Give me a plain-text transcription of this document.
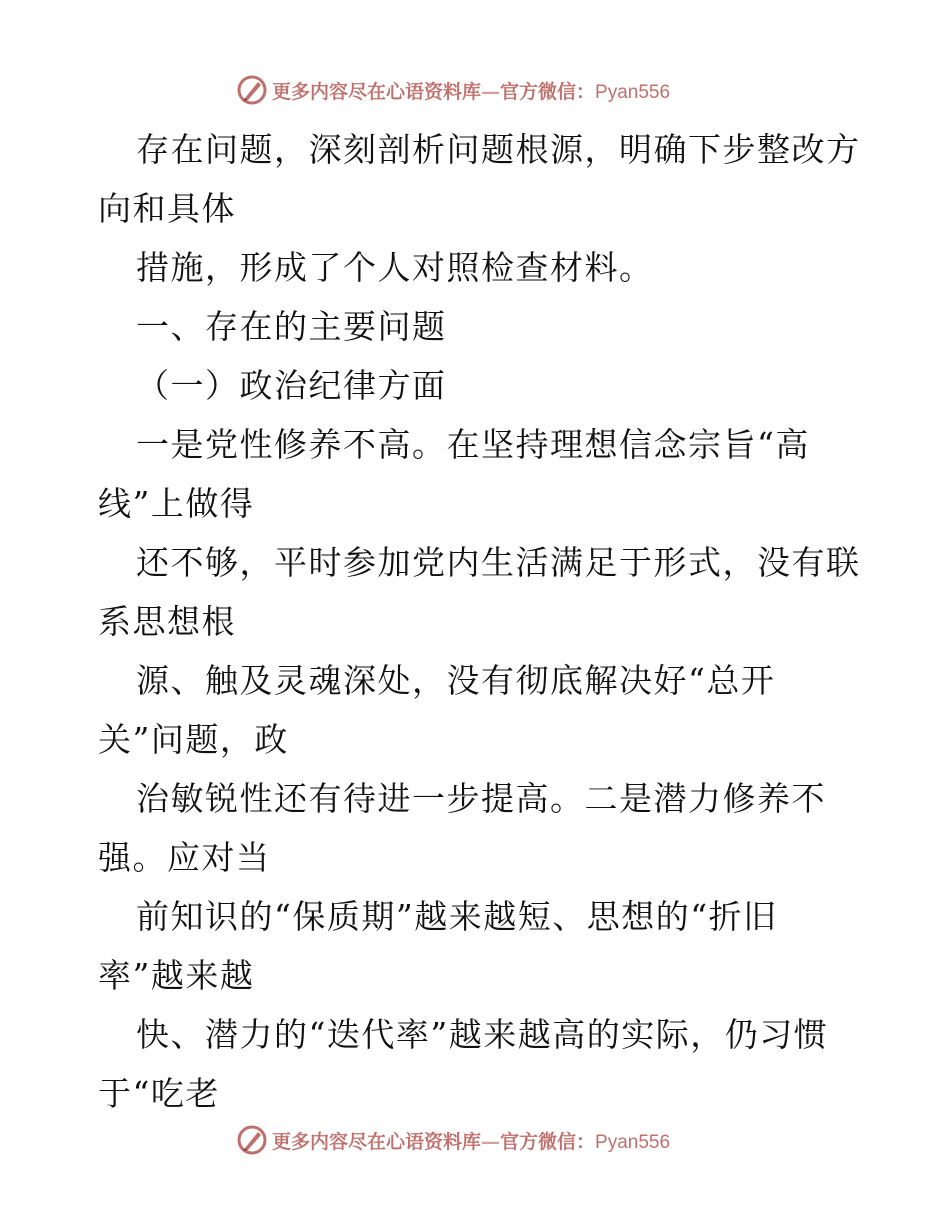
更多内容尽在心语资料库—官方微信：Pyan556
存在问题，深刻剖析问题根源，明确下步整改方
向和具体
措施，形成了个人对照检查材料。
一、存在的主要问题
（一）政治纪律方面
一是党性修养不高。在坚持理想信念宗旨“高
线”上做得
还不够，平时参加党内生活满足于形式，没有联
系思想根
源、触及灵魂深处，没有彻底解决好“总开
关”问题，政
治敏锐性还有待进一步提高。二是潜力修养不
强。应对当
前知识的“保质期”越来越短、思想的“折旧
率”越来越
快、潜力的“迭代率”越来越高的实际，仍习惯
于“吃老
更多内容尽在心语资料库—官方微信：Pyan556
